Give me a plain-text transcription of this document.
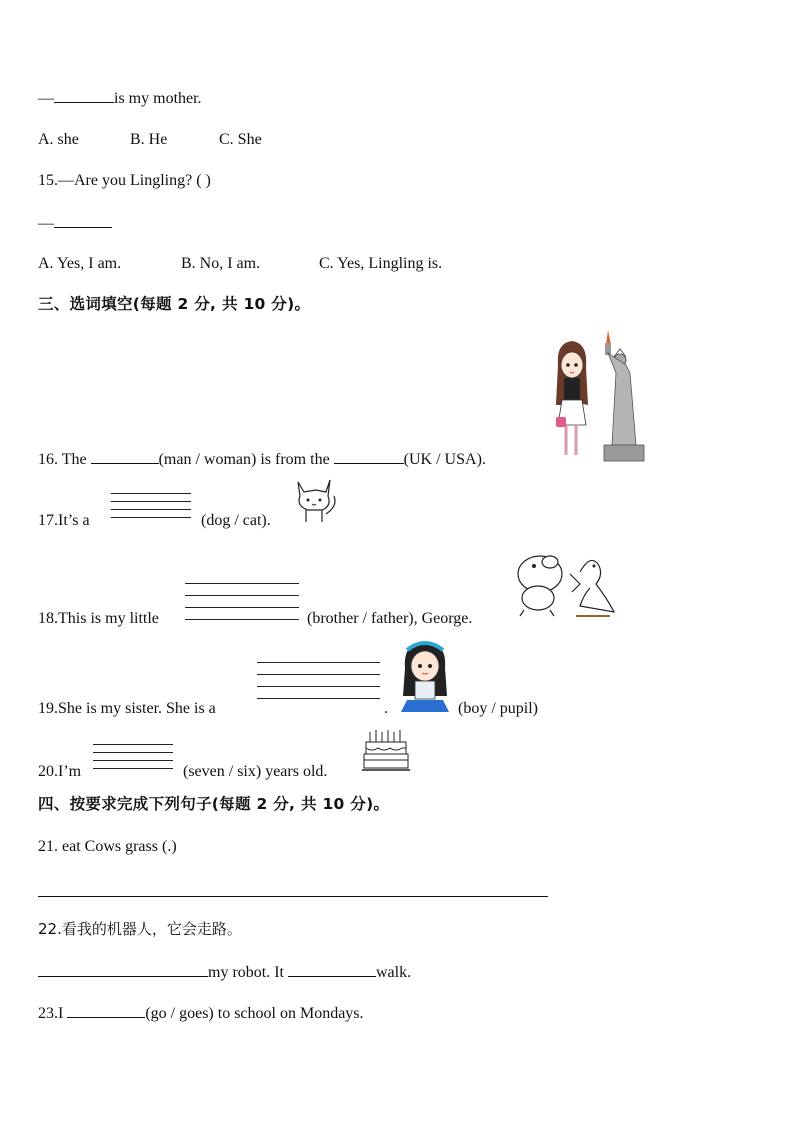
—	is my mother.
A. she	B. He	C. She
15.—Are you Lingling? ( )
—
A. Yes, I am.	B. No, I am.	C. Yes, Lingling is.
三、选词填空(每题 2 分, 共 10 分)。
16. The	(man / woman) is from the	(UK / USA).
17.It’s a	(dog / cat).
18.This is my little	(brother / father), George.
19.She is my sister. She is a	.	(boy / pupil)
20.I’m	(seven / six) years old.
四、按要求完成下列句子(每题 2 分, 共 10 分)。
21. eat Cows grass (.)
22.看我的机器人，它会走路。
my robot. It	walk.
23.I	(go / goes) to school on Mondays.
